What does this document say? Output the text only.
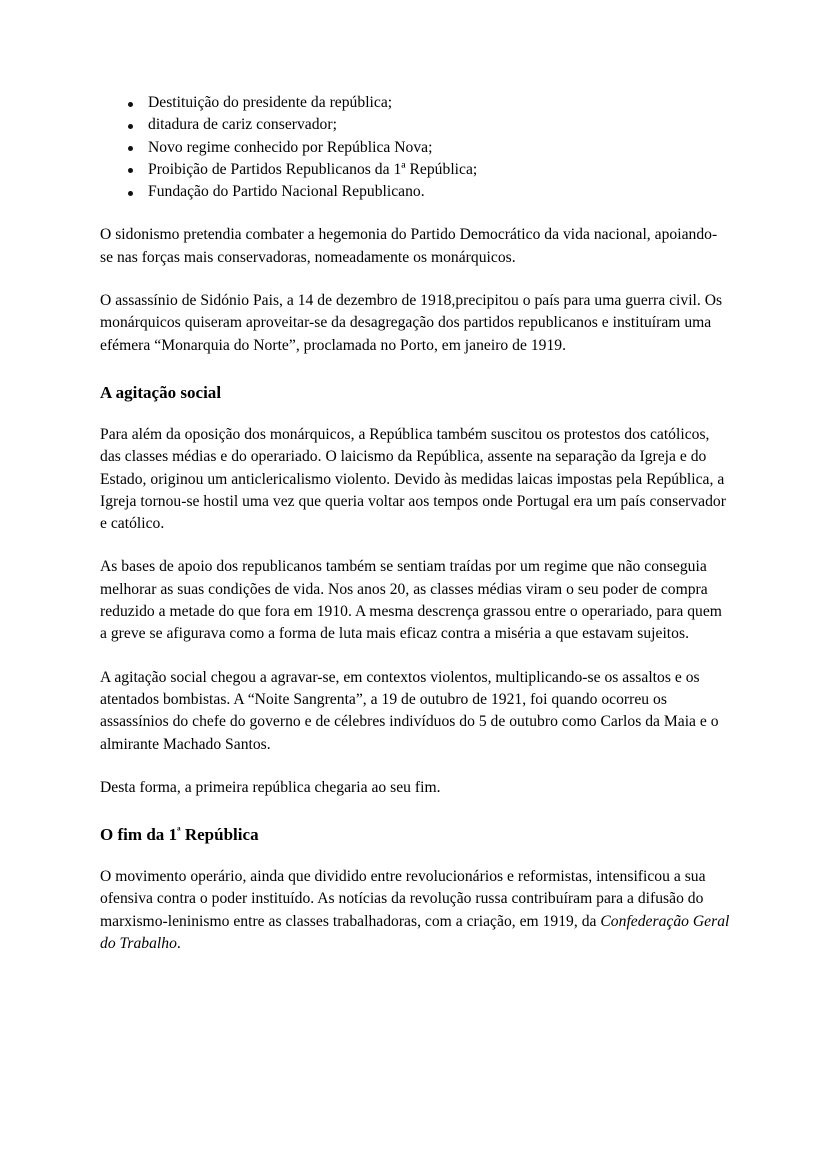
Destituição do presidente da república;
ditadura de cariz conservador;
Novo regime conhecido por República Nova;
Proibição de Partidos Republicanos da 1ª República;
Fundação do Partido Nacional Republicano.

O sidonismo pretendia combater a hegemonia do Partido Democrático da vida nacional, apoiando-se nas forças mais conservadoras, nomeadamente os monárquicos.

O assassínio de Sidónio Pais, a 14 de dezembro de 1918,precipitou o país para uma guerra civil. Os monárquicos quiseram aproveitar-se da desagregação dos partidos republicanos e instituíram uma efémera “Monarquia do Norte”, proclamada no Porto, em janeiro de 1919.

A agitação social

Para além da oposição dos monárquicos, a República também suscitou os protestos dos católicos, das classes médias e do operariado. O laicismo da República, assente na separação da Igreja e do Estado, originou um anticlericalismo violento. Devido às medidas laicas impostas pela República, a Igreja tornou-se hostil uma vez que queria voltar aos tempos onde Portugal era um país conservador e católico.

As bases de apoio dos republicanos também se sentiam traídas por um regime que não conseguia melhorar as suas condições de vida. Nos anos 20, as classes médias viram o seu poder de compra reduzido a metade do que fora em 1910. A mesma descrença grassou entre o operariado, para quem a greve se afigurava como a forma de luta mais eficaz contra a miséria a que estavam sujeitos.

A agitação social chegou a agravar-se, em contextos violentos, multiplicando-se os assaltos e os atentados bombistas. A “Noite Sangrenta”, a 19 de outubro de 1921, foi quando ocorreu os assassínios do chefe do governo e de célebres indivíduos do 5 de outubro como Carlos da Maia e o almirante Machado Santos.

Desta forma, a primeira república chegaria ao seu fim.

O fim da $1^ª$ República

O movimento operário, ainda que dividido entre revolucionários e reformistas, intensificou a sua ofensiva contra o poder instituído. As notícias da revolução russa contribuíram para a difusão do marxismo-leninismo entre as classes trabalhadoras, com a criação, em 1919, da Confederação Geral do Trabalho.
